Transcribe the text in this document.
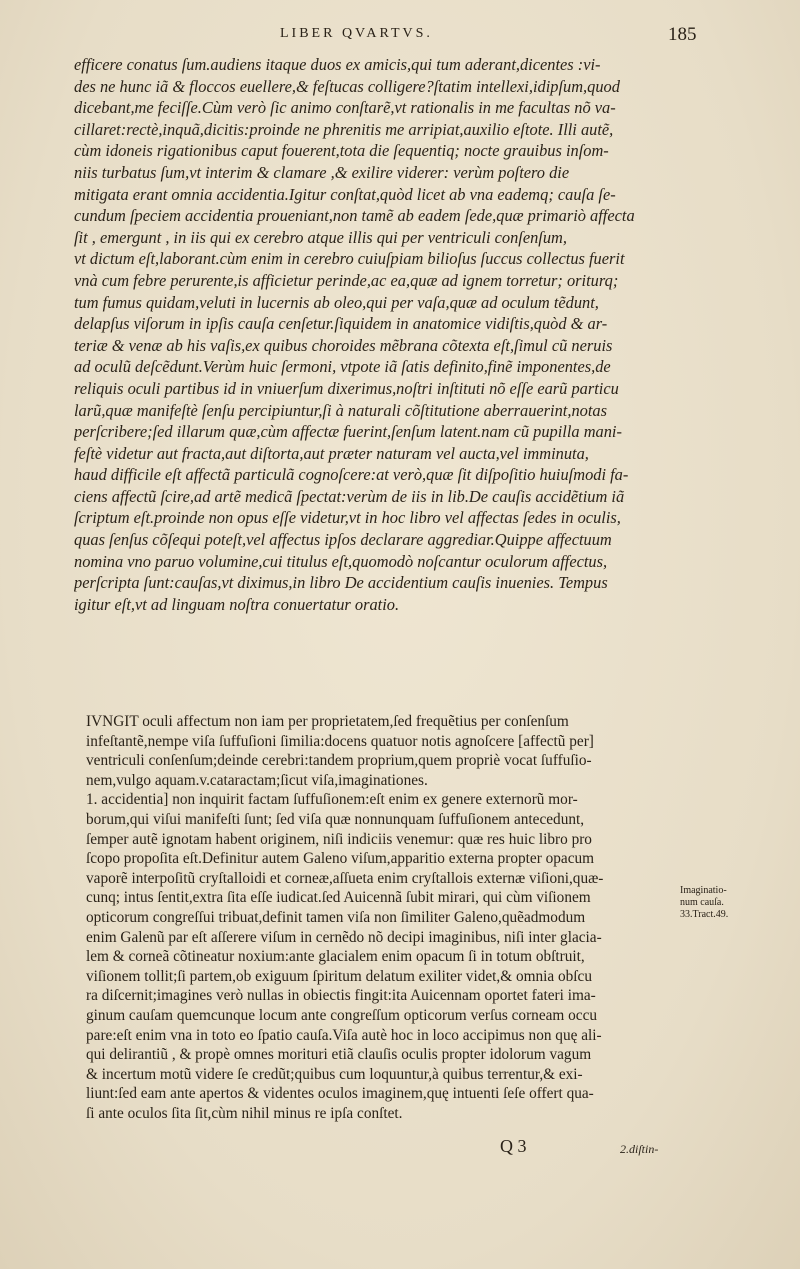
LIBER QVARTVS.	185
efficere conatus ſum.audiens itaque duos ex amicis,qui tum aderant,dicentes :vi-
des ne hunc iã & floccos euellere,& feſtucas colligere?ſtatim intellexi,idipſum,quod
dicebant,me feciſſe.Cùm verò ſic animo conſtarẽ,vt rationalis in me facultas nõ va-
cillaret:rectè,inquã,dicitis:proinde ne phrenitis me arripiat,auxilio eſtote. Illi autẽ,
cùm idoneis rigationibus caput fouerent,tota die ſequentiq; nocte grauibus inſom-
niis turbatus ſum,vt interim & clamare ,& exilire viderer: verùm poſtero die
mitigata erant omnia accidentia.Igitur conſtat,quòd licet ab vna eademq; cauſa ſe-
cundum ſpeciem accidentia proueniant,non tamẽ ab eadem ſede,quæ primariò affecta
ſit , emergunt , in iis qui ex cerebro atque illis qui per ventriculi conſenſum,
vt dictum eſt,laborant.cùm enim in cerebro cuiuſpiam bilioſus ſuccus collectus fuerit
vnà cum febre perurente,is afficietur perinde,ac ea,quæ ad ignem torretur; oriturq;
tum fumus quidam,veluti in lucernis ab oleo,qui per vaſa,quæ ad oculum tẽdunt,
delapſus viſorum in ipſis cauſa cenſetur.ſiquidem in anatomice vidiſtis,quòd & ar-
teriæ & venæ ab his vaſis,ex quibus choroides mẽbrana cõtexta eſt,ſimul cũ neruis
ad oculũ deſcẽdunt.Verùm huic ſermoni, vtpote iã ſatis definito,finẽ imponentes,de
reliquis oculi partibus id in vniuerſum dixerimus,noſtri inſtituti nõ eſſe earũ particu
larũ,quæ manifeſtè ſenſu percipiuntur,ſi à naturali cõſtitutione aberrauerint,notas
perſcribere;ſed illarum quæ,cùm affectæ fuerint,ſenſum latent.nam cũ pupilla mani-
feſtè videtur aut fracta,aut diſtorta,aut præter naturam vel aucta,vel imminuta,
haud difficile eſt affectã particulã cognoſcere:at verò,quæ ſit diſpoſitio huiuſmodi fa-
ciens affectũ ſcire,ad artẽ medicã ſpectat:verùm de iis in lib.De cauſis accidẽtium iã
ſcriptum eſt.proinde non opus eſſe videtur,vt in hoc libro vel affectas ſedes in oculis,
quas ſenſus cõſequi poteſt,vel affectus ipſos declarare aggrediar.Quippe affectuum
nomina vno paruo volumine,cui titulus eſt,quomodò noſcantur oculorum affectus,
perſcripta ſunt:cauſas,vt diximus,in libro De accidentium cauſis inuenies. Tempus
igitur eſt,vt ad linguam noſtra conuertatur oratio.
IVNGIT oculi affectum non iam per proprietatem,ſed frequẽtius per conſenſum
infeſtantẽ,nempe viſa ſuffuſioni ſimilia:docens quatuor notis agnoſcere [affectũ per]
ventriculi conſenſum;deinde cerebri:tandem proprium,quem propriè vocat ſuffuſio-
nem,vulgo aquam.v.cataractam;ſicut viſa,imaginationes.
1. accidentia] non inquirit factam ſuffuſionem:eſt enim ex genere externorũ mor-
borum,qui viſui manifeſti ſunt; ſed viſa quæ nonnunquam ſuffuſionem antecedunt,
ſemper autẽ ignotam habent originem, niſi indiciis venemur: quæ res huic libro pro
ſcopo propoſita eſt.Definitur autem Galeno viſum,apparitio externa propter opacum
vaporẽ interpoſitũ cryſtalloidi et corneæ,aſſueta enim cryſtallois externæ viſioni,quæ-
cunq; intus ſentit,extra ſita eſſe iudicat.ſed Auicennã ſubit mirari, qui cùm viſionem
opticorum congreſſui tribuat,definit tamen viſa non ſimiliter Galeno,quẽadmodum
enim Galenũ par eſt aſſerere viſum in cernẽdo nõ decipi imaginibus, niſi inter glacia-
lem & corneã cõtineatur noxium:ante glacialem enim opacum ſi in totum obſtruit,
viſionem tollit;ſi partem,ob exiguum ſpiritum delatum exiliter videt,& omnia obſcu
ra diſcernit;imagines verò nullas in obiectis fingit:ita Auicennam oportet fateri ima-
ginum cauſam quemcunque locum ante congreſſum opticorum verſus corneam occu
pare:eſt enim vna in toto eo ſpatio cauſa.Viſa autè hoc in loco accipimus non quę ali-
qui delirantiũ , & propè omnes morituri etiã clauſis oculis propter idolorum vagum
& incertum motũ videre ſe credũt;quibus cum loquuntur,à quibus terrentur,& exi-
liunt:ſed eam ante apertos & videntes oculos imaginem,quę intuenti ſeſe offert qua-
ſi ante oculos ſita ſit,cùm nihil minus re ipſa conſtet.
Imaginatio-
num cauſa.
33.Tract.49.
Q 3	2.diſtin-
